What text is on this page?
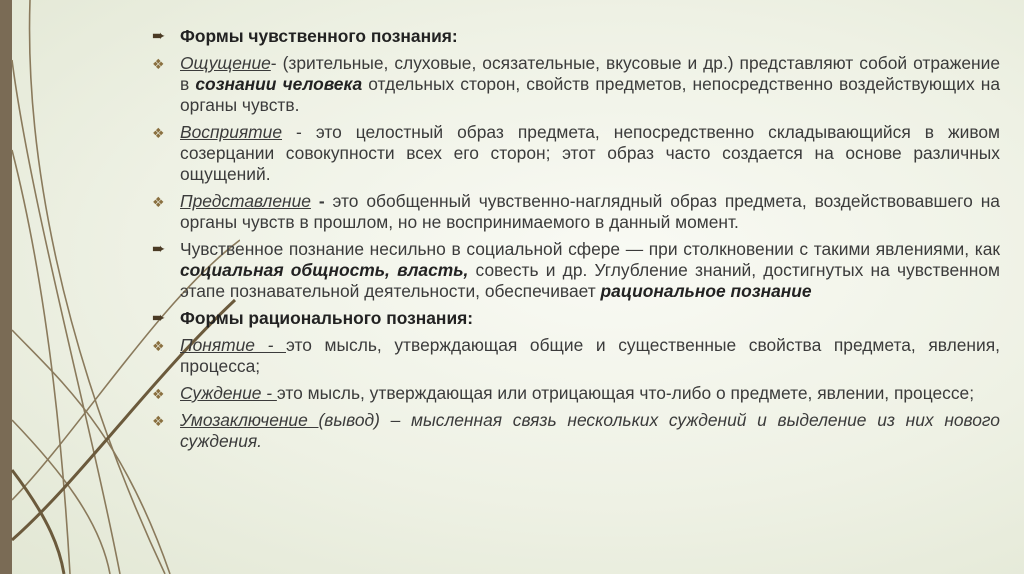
➨ Формы чувственного познания:
❖ Ощущение- (зрительные, слуховые, осязательные, вкусовые и др.) представляют собой отражение в сознании человека отдельных сторон, свойств предметов, непосредственно воздействующих на органы чувств.
❖ Восприятие - это целостный образ предмета, непосредственно складывающийся в живом созерцании совокупности всех его сторон; этот образ часто создается на основе различных ощущений.
❖ Представление - это обобщенный чувственно-наглядный образ предмета, воздействовавшего на органы чувств в прошлом, но не воспринимаемого в данный момент.
➨ Чувственное познание несильно в социальной сфере — при столкновении с такими явлениями, как социальная общность, власть, совесть и др. Углубление знаний, достигнутых на чувственном этапе познавательной деятельности, обеспечивает рациональное познание
➨ Формы рационального познания:
❖ Понятие - это мысль, утверждающая общие и существенные свойства предмета, явления, процесса;
❖ Суждение - это мысль, утверждающая или отрицающая что-либо о предмете, явлении, процессе;
❖ Умозаключение (вывод) – мысленная связь нескольких суждений и выделение из них нового суждения.
